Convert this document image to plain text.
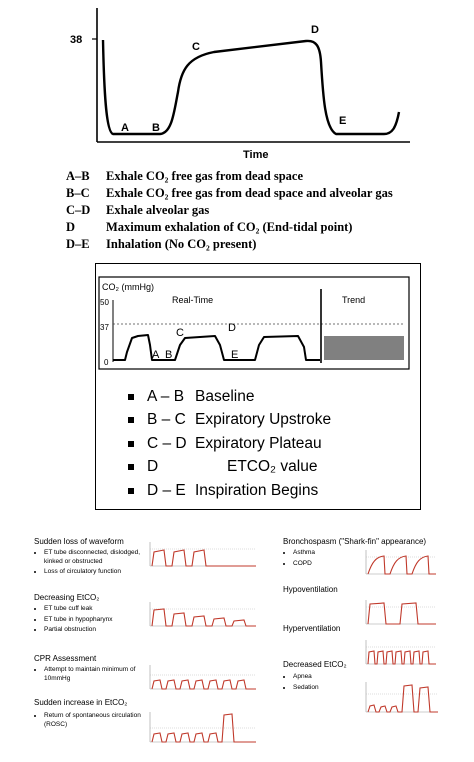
38
A B
C
D
E
Time
A–B	Exhale CO₂ free gas from dead space
B–C	Exhale CO₂ free gas from dead space and alveolar gas
C–D	Exhale alveolar gas
D	Maximum exhalation of CO₂ (End-tidal point)
D–E	Inhalation (No CO₂ present)
CO₂ (mmHg)
50
37
0
Real-Time	Trend
A B
C	D
E
A – B Baseline
B – C Expiratory Upstroke
C – D Expiratory Plateau
D	ETCO₂ value
D – E Inspiration Begins
Sudden loss of waveform
• ET tube disconnected, dislodged, kinked or obstructed
• Loss of circulatory function
Decreasing EtCO₂
• ET tube cuff leak
• ET tube in hypopharynx
• Partial obstruction
CPR Assessment
• Attempt to maintain minimum of 10mmHg
Sudden increase in EtCO₂
• Return of spontaneous circulation (ROSC)
Bronchospasm ("Shark-fin" appearance)
• Asthma
• COPD
Hypoventilation
Hyperventilation
Decreased EtCO₂
• Apnea
• Sedation
